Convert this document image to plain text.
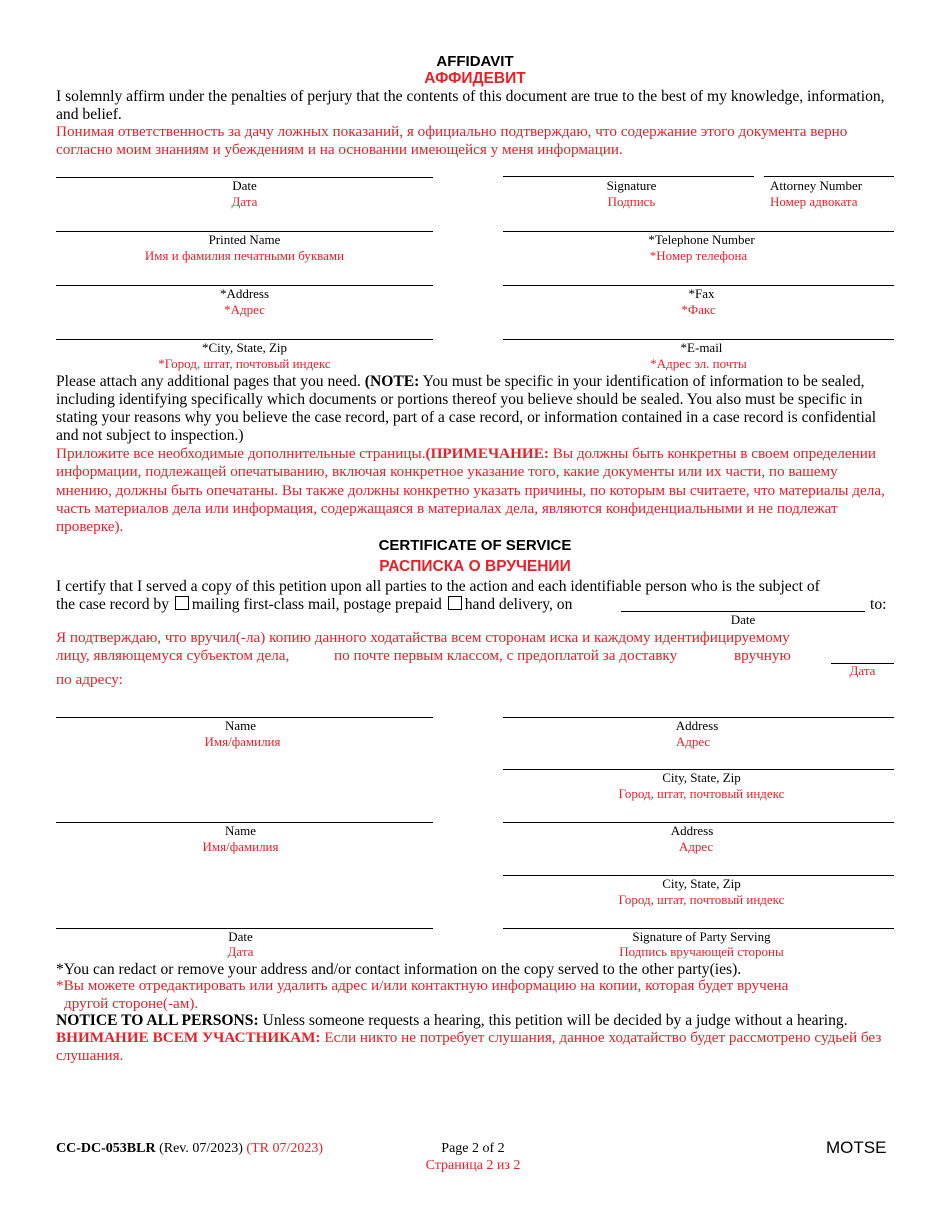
AFFIDAVIT
АФФИДЕВИТ
I solemnly affirm under the penalties of perjury that the contents of this document are true to the best of my knowledge, information, and belief.
Понимая ответственность за дачу ложных показаний, я официально подтверждаю, что содержание этого документа верно согласно моим знаниям и убеждениям и на основании имеющейся у меня информации.
Date
Дата
Signature
Подпись
Attorney Number
Номер адвоката
Printed Name
Имя и фамилия печатными буквами
*Telephone Number
*Номер телефона
*Address
*Адрес
*Fax
*Факс
*City, State, Zip
*Город, штат, почтовый индекс
*E-mail
*Адрес эл. почты
Please attach any additional pages that you need. (NOTE: You must be specific in your identification of information to be sealed, including identifying specifically which documents or portions thereof you believe should be sealed. You also must be specific in stating your reasons why you believe the case record, part of a case record, or information contained in a case record is confidential and not subject to inspection.)
Приложите все необходимые дополнительные страницы.(ПРИМЕЧАНИЕ: Вы должны быть конкретны в своем определении информации, подлежащей опечатыванию, включая конкретное указание того, какие документы или их части, по вашему мнению, должны быть опечатаны. Вы также должны конкретно указать причины, по которым вы считаете, что материалы дела, часть материалов дела или информация, содержащаяся в материалах дела, являются конфиденциальными и не подлежат проверке).
CERTIFICATE OF SERVICE
РАСПИСКА О ВРУЧЕНИИ
I certify that I served a copy of this petition upon all parties to the action and each identifiable person who is the subject of
the case record by mailing first-class mail, postage prepaid hand delivery, on	to:
Date
Я подтверждаю, что вручил(-ла) копию данного ходатайства всем сторонам иска и каждому идентифицируемому
лицу, являющемуся субъектом дела,	по почте первым классом, с предоплатой за доставку	вручную
Дата
по адресу:
Name
Имя/фамилия
Address
Адрес
City, State, Zip
Город, штат, почтовый индекс
Name
Имя/фамилия
Address
Адрес
City, State, Zip
Город, штат, почтовый индекс
Date
Дата
Signature of Party Serving
Подпись вручающей стороны
*You can redact or remove your address and/or contact information on the copy served to the other party(ies).
*Вы можете отредактировать или удалить адрес и/или контактную информацию на копии, которая будет вручена
другой стороне(-ам).
NOTICE TO ALL PERSONS: Unless someone requests a hearing, this petition will be decided by a judge without a hearing.
ВНИМАНИЕ ВСЕМ УЧАСТНИКАМ: Если никто не потребует слушания, данное ходатайство будет рассмотрено судьей без слушания.
CC-DC-053BLR (Rev. 07/2023) (TR 07/2023)	Page 2 of 2
Страница 2 из 2
MOTSE
